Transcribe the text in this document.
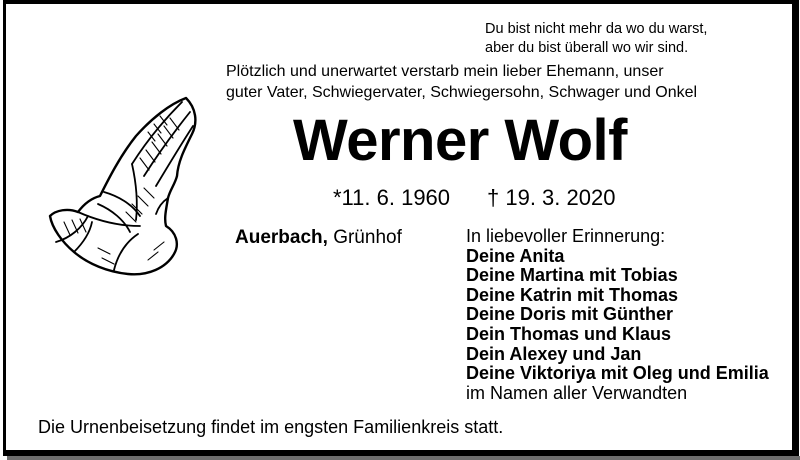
Du bist nicht mehr da wo du warst,
aber du bist überall wo wir sind.
Plötzlich und unerwartet verstarb mein lieber Ehemann, unser
guter Vater, Schwiegervater, Schwiegersohn, Schwager und Onkel
Werner Wolf
*11. 6. 1960 † 19. 3. 2020
Auerbach, Grünhof	In liebevoller Erinnerung:
Deine Anita
Deine Martina mit Tobias
Deine Katrin mit Thomas
Deine Doris mit Günther
Dein Thomas und Klaus
Dein Alexey und Jan
Deine Viktoriya mit Oleg und Emilia
im Namen aller Verwandten
Die Urnenbeisetzung findet im engsten Familienkreis statt.
